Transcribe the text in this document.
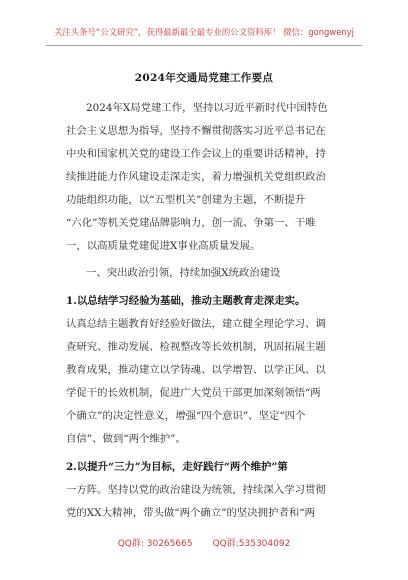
关注头条号“公文研究”，获得最新最全最专业的公文资料库！ 微信：gongwenyj
2024年交通局党建工作要点
2024年X局党建工作，坚持以习近平新时代中国特色
社会主义思想为指导，坚持不懈贯彻落实习近平总书记在
中央和国家机关党的建设工作会议上的重要讲话精神，持
续推进能力作风建设走深走实，着力增强机关党组织政治
功能组织功能，以“五型机关”创建为主题，不断提升
“六化”等机关党建品牌影响力，创一流、争第一、干唯
一，以高质量党建促进X事业高质量发展。
一、突出政治引领，持续加强X统政治建设
1.以总结学习经验为基础，推动主题教育走深走实。
认真总结主题教育好经验好做法，建立健全理论学习、调
查研究、推动发展、检视整改等长效机制，巩固拓展主题
教育成果，推动建立以学铸魂、以学增智、以学正风、以
学促干的长效机制，促进广大党员干部更加深刻领悟“两
个确立”的决定性意义，增强“四个意识”、坚定“四个
自信”、做到“两个维护”。
2.以提升“三力”为目标，走好践行“两个维护”第
一方阵。坚持以党的政治建设为统领，持续深入学习贯彻
党的XX大精神，带头做“两个确立”的坚决拥护者和“两
QQ群: 30265665 QQ群:535304092
